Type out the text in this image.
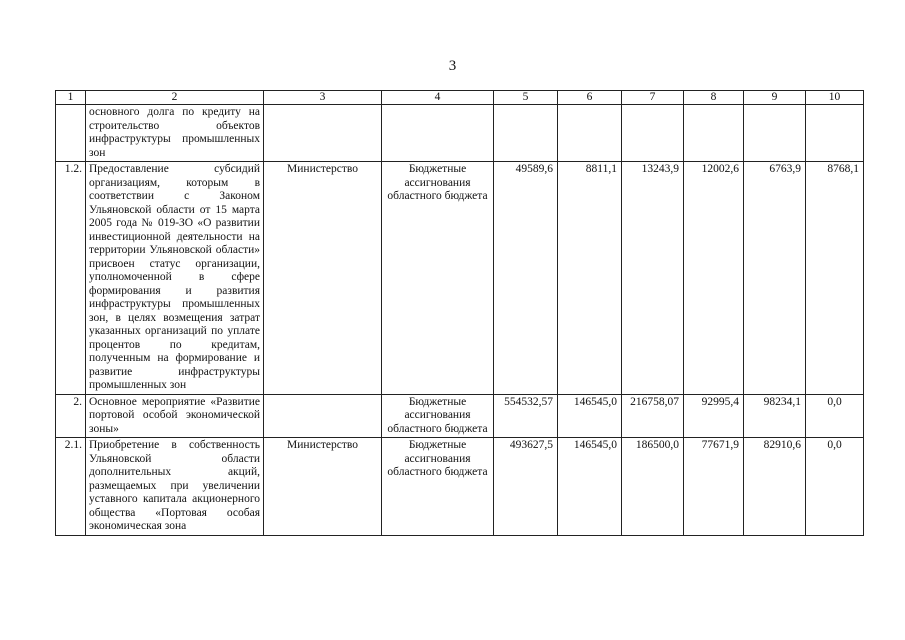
3
1	2	3	4	5	6	7	8	9	10
	основного долга по кредиту на строительство объектов инфраструктуры промышленных зон								
1.2.	Предоставление субсидий организациям, которым в соответствии с Законом Ульяновской области от 15 марта 2005 года № 019-ЗО «О развитии инвестиционной деятельности на территории Ульяновской области» присвоен статус организации, уполномоченной в сфере формирования и развития инфраструктуры промышленных зон, в целях возмещения затрат указанных организаций по уплате процентов по кредитам, полученным на формирование и развитие инфраструктуры промышленных зон	Министерство	Бюджетные ассигнования областного бюджета	49589,6	8811,1	13243,9	12002,6	6763,9	8768,1
2.	Основное мероприятие «Развитие портовой особой экономической зоны»		Бюджетные ассигнования областного бюджета	554532,57	146545,0	216758,07	92995,4	98234,1	0,0
2.1.	Приобретение в собственность Ульяновской области дополнительных акций, размещаемых при увеличении уставного капитала акционерного общества «Портовая особая экономическая зона	Министерство	Бюджетные ассигнования областного бюджета	493627,5	146545,0	186500,0	77671,9	82910,6	0,0
